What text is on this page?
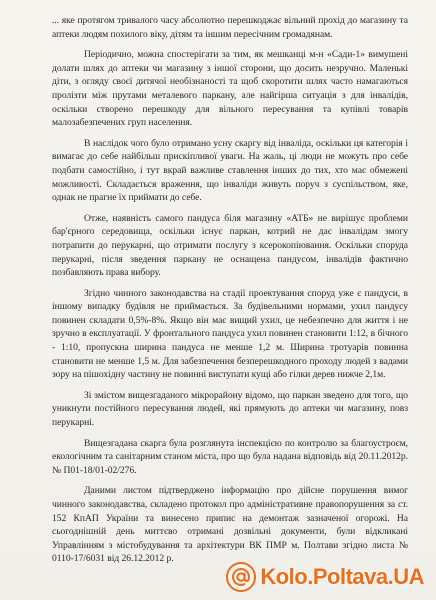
... яке протягом тривалого часу абсолютно перешкоджає вільний прохід до магазину та аптеки людям похилого віку, дітям та іншим пересічним громадянам.

Періодично, можна спостерігати за тим, як мешканці м-н «Сади-1» вимушені долати шлях до аптеки чи магазину з іншої сторони, що досить незручно. Маленькі діти, з огляду своєї дитячої необізнаності та щоб скоротити шлях часто намагаються пролізти між прутами металевого паркану, але найгірша ситуація з для інвалідів, оскільки створено перешкоду для вільного пересування та купівлі товарів малозабезпечених груп населення.

В наслідок чого було отримано усну скаргу від інваліда, оскільки ця категорія і вимагає до себе найбільш прискіпливої уваги. На жаль, ці люди не можуть про себе подбати самостійно, і тут вкрай важливе ставлення інших до тих, хто має обмежені можливості. Складається враження, що інваліди живуть поруч з суспільством, яке, однак не прагне їх приймати до себе.

Отже, наявність самого пандуса біля магазину «АТБ» не вирішує проблеми бар'єрного середовища, оскільки існує паркан, котрий не дає інвалідам змогу потрапити до перукарні, що отримати послугу з ксерокопіювання. Оскільки споруда перукарні, після зведення паркану не оснащена пандусом, інвалідів фактично позбавляють права вибору.

Згідно чинного законодавства на стадії проектування споруд уже є пандуси, в іншому випадку будівля не приймається. За будівельними нормами, ухил пандусу повинен складати 0,5%-8%. Якщо він має вищий ухил, це небезпечно для життя і не зручно в експлуатації. У фронтального пандуса ухил повинен становити 1:12, в бічного - 1:10, пропускна ширина пандуса не менше 1,2 м. Ширина тротуарів повинна становити не менше 1,5 м. Для забезпечення безперешкодного проходу людей з вадами зору на пішохідну частину не повинні виступати кущі або гілки дерев нижче 2,1м.

Зі змістом вищезгаданого мікрорайону відомо, що паркан зведено для того, що уникнути постійного пересування людей, які прямують до аптеки чи магазину, повз перукарні.

Вищезгадана скарга була розглянута інспекцією по контролю за благоустроєм, екологічним та санітарним станом міста, про що була надана відповідь від 20.11.2012р. № П01-18/01-02/276.

Даними листом підтверджено інформацію про дійсне порушення вимог чинного законодавства, складено протокол про адміністративне правопорушення за ст. 152 КпАП України та винесено припис на демонтаж зазначеної огорожі. На сьогоднішній день миттєво отримані дозвільні документи, були відкликані Управлінням з містобудування та архітектури ВК ПМР м. Полтави згідно листа № 0110-17/6031 від 26.12.2012 р.

Kolo.Poltava.UA
